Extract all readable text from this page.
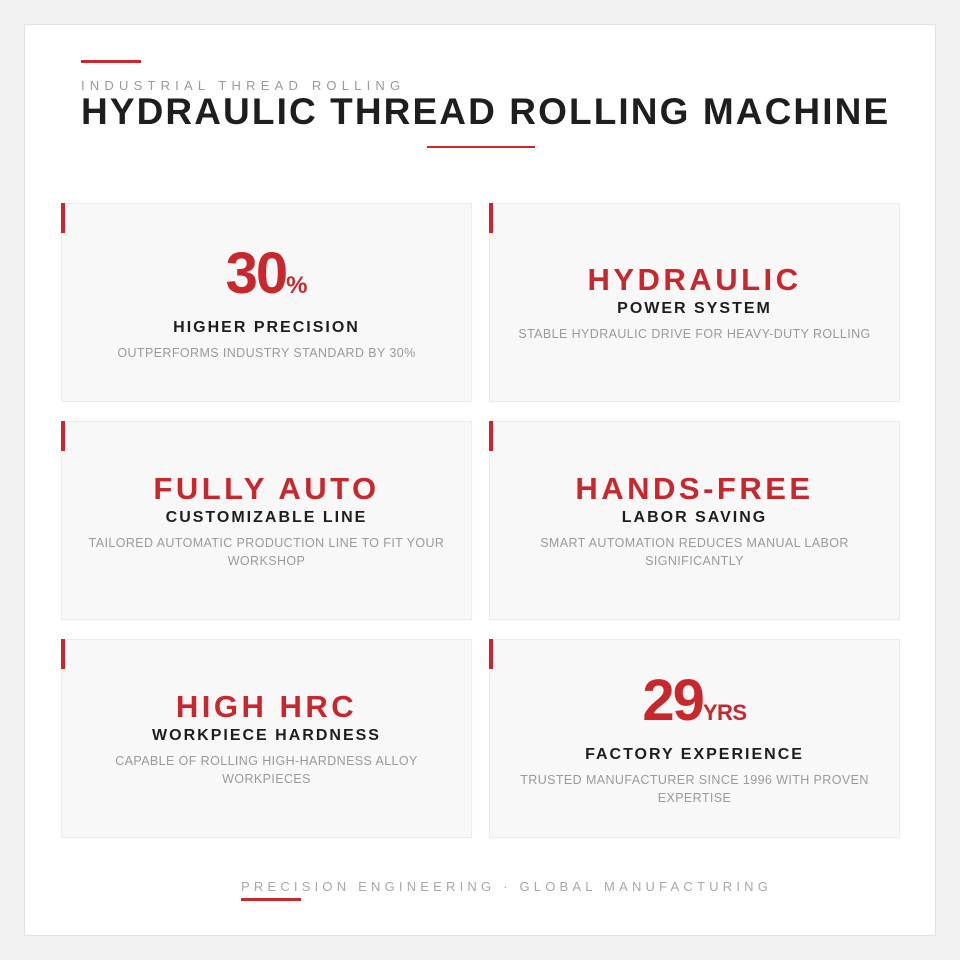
INDUSTRIAL THREAD ROLLING
HYDRAULIC THREAD ROLLING MACHINE
30%
HIGHER PRECISION
OUTPERFORMS INDUSTRY STANDARD BY 30%
HYDRAULIC
POWER SYSTEM
STABLE HYDRAULIC DRIVE FOR HEAVY-DUTY ROLLING
FULLY AUTO
CUSTOMIZABLE LINE
TAILORED AUTOMATIC PRODUCTION LINE TO FIT YOUR WORKSHOP
HANDS-FREE
LABOR SAVING
SMART AUTOMATION REDUCES MANUAL LABOR SIGNIFICANTLY
HIGH HRC
WORKPIECE HARDNESS
CAPABLE OF ROLLING HIGH-HARDNESS ALLOY WORKPIECES
29YRS
FACTORY EXPERIENCE
TRUSTED MANUFACTURER SINCE 1996 WITH PROVEN EXPERTISE
PRECISION ENGINEERING · GLOBAL MANUFACTURING
